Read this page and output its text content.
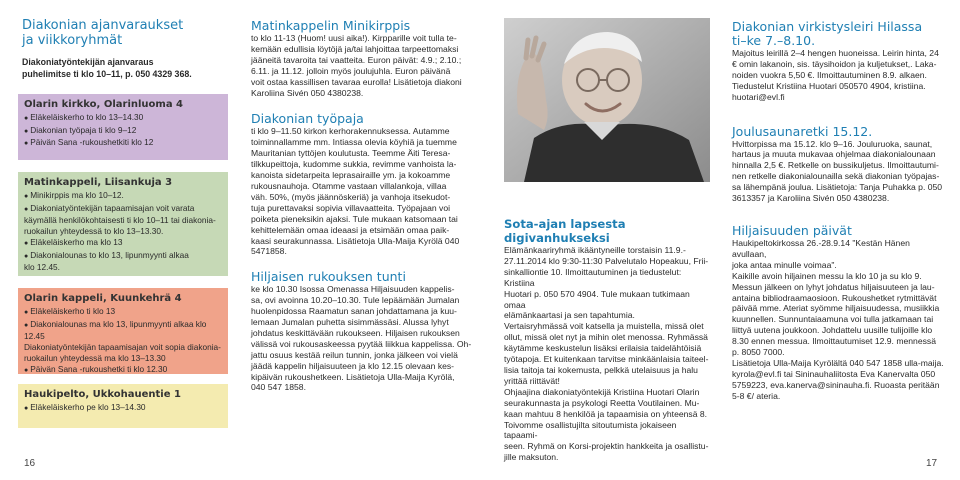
Diakonian ajanvaraukset
ja viikkoryhmät
Diakoniatyöntekijän ajanvaraus
puhelimitse ti klo 10–11, p. 050 4329 368.
Olarin kirkko, Olarinluoma 4
● Eläkeläiskerho to klo 13–14.30
● Diakonian työpaja ti klo 9–12
● Päivän Sana -rukoushetkiti klo 12
Matinkappeli, Liisankuja 3
● Minikirppis ma klo 10–12.
● Diakoniatyöntekijän tapaamisajan voit varata
käymällä henkilökohtaisesti ti klo 10–11 tai diakonia-
ruokailun yhteydessä to klo 13–13.30.
● Eläkeläiskerho ma klo 13
● Diakonialounas to klo 13, lipunmyynti alkaa
klo 12.45.
Olarin kappeli, Kuunkehrä 4
● Eläkeläiskerho ti klo 13
● Diakonialounas ma klo 13, lipunmyynti alkaa klo 12.45
Diakoniatyöntekijän tapaamisajan voit sopia diakonia-
ruokailun yhteydessä ma klo 13–13.30
● Päivän Sana -rukoushetki ti klo 12.30
Haukipelto, Ukkohauentie 1
● Eläkeläiskerho pe klo 13–14.30
16
Matinkappelin Minikirppis
to klo 11-13 (Huom! uusi aika!). Kirpparille voit tulla te-
kemään edullisia löytöjä ja/tai lahjoittaa tarpeettomaksi
jääneitä tavaroita tai vaatteita. Euron päivät: 4.9.; 2.10.;
6.11. ja 11.12. jolloin myös joulujuhla. Euron päivänä
voit ostaa kassillisen tavaraa eurolla! Lisätietoja diakoni
Karoliina Sivén 050 4380238.
Diakonian työpaja
ti klo 9–11.50 kirkon kerhorakennuksessa. Autamme
toiminnallamme mm. Intiassa olevia köyhiä ja tuemme
Mauritanian tyttöjen koulutusta. Teemme Äiti Teresa-
tilkkupeittoja, kudomme sukkia, revimme vanhoista la-
kanoista sidetarpeita leprasairaille ym. ja kokoamme
rukousnauhoja. Otamme vastaan villalankoja, villaa
väh. 50%, (myös jäännöskeriä) ja vanhoja itsekudot-
tuja purettavaksi sopivia villavaatteita. Työpajaan voi
poiketa pieneksikin ajaksi. Tule mukaan katsomaan tai
kehittelemään omaa ideaasi ja etsimään omaa paik-
kaasi seurakunnassa. Lisätietoja Ulla-Maija Kyrölä 040
5471858.
Hiljaisen rukouksen tunti
ke klo 10.30 Isossa Omenassa Hiljaisuuden kappelis-
sa, ovi avoinna 10.20–10.30. Tule lepäämään Jumalan
huolenpidossa Raamatun sanan johdattamana ja kuu-
lemaan Jumalan puhetta sisimmässäsi. Alussa lyhyt
johdatus keskittävään rukoukseen. Hiljaisen rukouksen
välissä voi rukousaskeessa pyytää liikkua kappelissa. Oh-
jattu osuus kestää reilun tunnin, jonka jälkeen voi vielä
jäädä kappelin hiljaisuuteen ja klo 12.15 olevaan kes-
kipäivän rukoushetkeen. Lisätietoja Ulla-Maija Kyrölä,
040 547 1858.
Sota-ajan lapsesta digivanhukseksi
Elämänkaariryhmä ikääntyneille torstaisin 11.9.-
27.11.2014 klo 9:30-11:30 Palvelutalo Hopeakuu, Frii-
sinkalliontie 10. Ilmoittautuminen ja tiedustelut: Kristiina
Huotari p. 050 570 4904. Tule mukaan tutkimaan omaa
elämänkaartasi ja sen tapahtumia.
Vertaisryhmässä voit katsella ja muistella, missä olet
ollut, missä olet nyt ja mihin olet menossa. Ryhmässä
käytämme keskustelun lisäksi erilaisia taidelähtöisiä
työtapoja. Et kuitenkaan tarvitse minkäänlaisia taiteel-
lisia taitoja tai kokemusta, pelkkä utelaisuus ja halu
yrittää riittävät!
Ohjaajina diakoniatyöntekijä Kristiina Huotari Olarin
seurakunnasta ja psykologi Reetta Voutilainen. Mu-
kaan mahtuu 8 henkilöä ja tapaamisia on yhteensä 8.
Toivomme osallistujilta sitoutumista jokaiseen tapaami-
seen. Ryhmä on Korsi-projektin hankkeita ja osallistu-
jille maksuton.
Diakonian virkistysleiri Hilassa
ti–ke 7.–8.10.
Majoitus leirillä 2–4 hengen huoneissa. Leirin hinta, 24
€ omin lakanoin, sis. täysihoidon ja kuljetukset,. Laka-
noiden vuokra 5,50 €. Ilmoittautuminen 8.9. alkaen.
Tiedustelut Kristiina Huotari 050570 4904, kristiina.
huotari@evl.fi
Joulusaunaretki 15.12.
Hvittorpissa ma 15.12. klo 9–16. Jouluruoka, saunat,
hartaus ja muuta mukavaa ohjelmaa diakonialounaan
hinnalla 2,5 €. Retkelle on bussikuljetus. Ilmoittautumi-
nen retkelle diakonialounailla sekä diakonian työpajas-
sa lähempänä joulua. Lisätietoja: Tanja Puhakka p. 050
3613357 ja Karoliina Sivén 050 4380238.
Hiljaisuuden päivät
Haukipeltokirkossa 26.-28.9.14 "Kestän Hänen avullaan,
joka antaa minulle voimaa".
Kaikille avoin hiljainen messu la klo 10 ja su klo 9.
Messun jälkeen on lyhyt johdatus hiljaisuuteen ja lau-
antaina bibliodraamaosioon. Rukoushetket rytmittävät
päivää mme. Ateriat syömme hiljaisuudessa, musiikkia
kuunnellen. Sunnuntaiaamuna voi tulla jatkamaan tai
liittyä uutena joukkoon. Johdattelu uusille tulijoille klo
8.30 ennen messua. Ilmoittautumiset 12.9. mennessä
p. 8050 7000.
Lisätietoja Ulla-Maija Kyrölältä 040 547 1858 ulla-maija.
kyrola@evl.fi tai Sininauhaliitosta Eva Kanervalta 050
5759223, eva.kanerva@sininauha.fi. Ruoasta peritään
5-8 €/ ateria.
17
